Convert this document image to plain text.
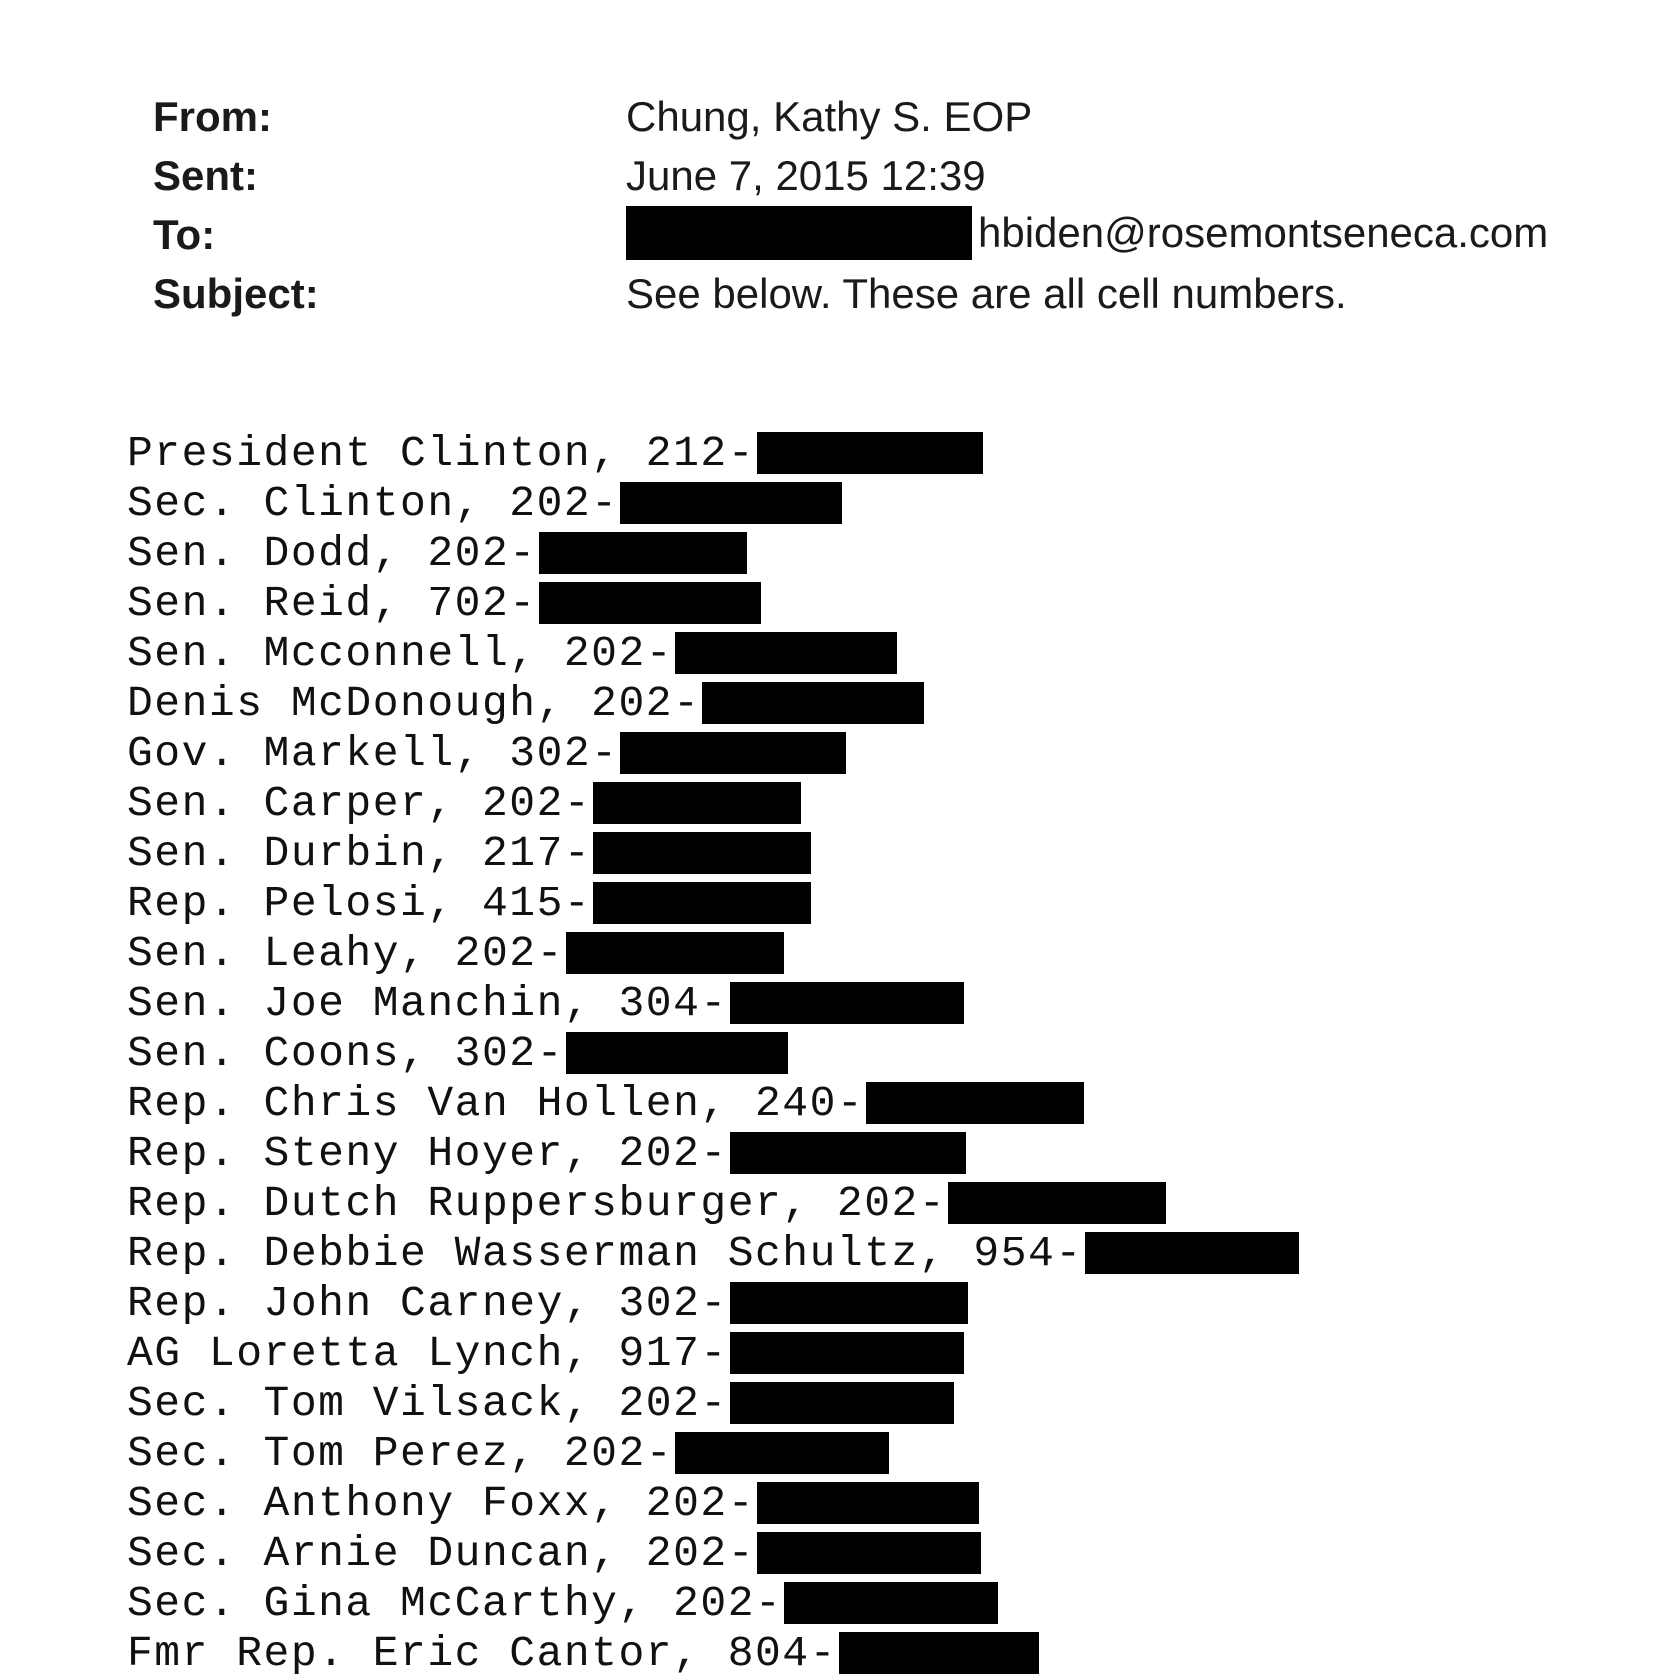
From:	Chung, Kathy S. EOP
Sent:	June 7, 2015 12:39
To:	hbiden@rosemontseneca.com
Subject:	See below. These are all cell numbers.
President Clinton, 212-
Sec. Clinton, 202-
Sen. Dodd, 202-
Sen. Reid, 702-
Sen. Mcconnell, 202-
Denis McDonough, 202-
Gov. Markell, 302-
Sen. Carper, 202-
Sen. Durbin, 217-
Rep. Pelosi, 415-
Sen. Leahy, 202-
Sen. Joe Manchin, 304-
Sen. Coons, 302-
Rep. Chris Van Hollen, 240-
Rep. Steny Hoyer, 202-
Rep. Dutch Ruppersburger, 202-
Rep. Debbie Wasserman Schultz, 954-
Rep. John Carney, 302-
AG Loretta Lynch, 917-
Sec. Tom Vilsack, 202-
Sec. Tom Perez, 202-
Sec. Anthony Foxx, 202-
Sec. Arnie Duncan, 202-
Sec. Gina McCarthy, 202-
Fmr Rep. Eric Cantor, 804-
